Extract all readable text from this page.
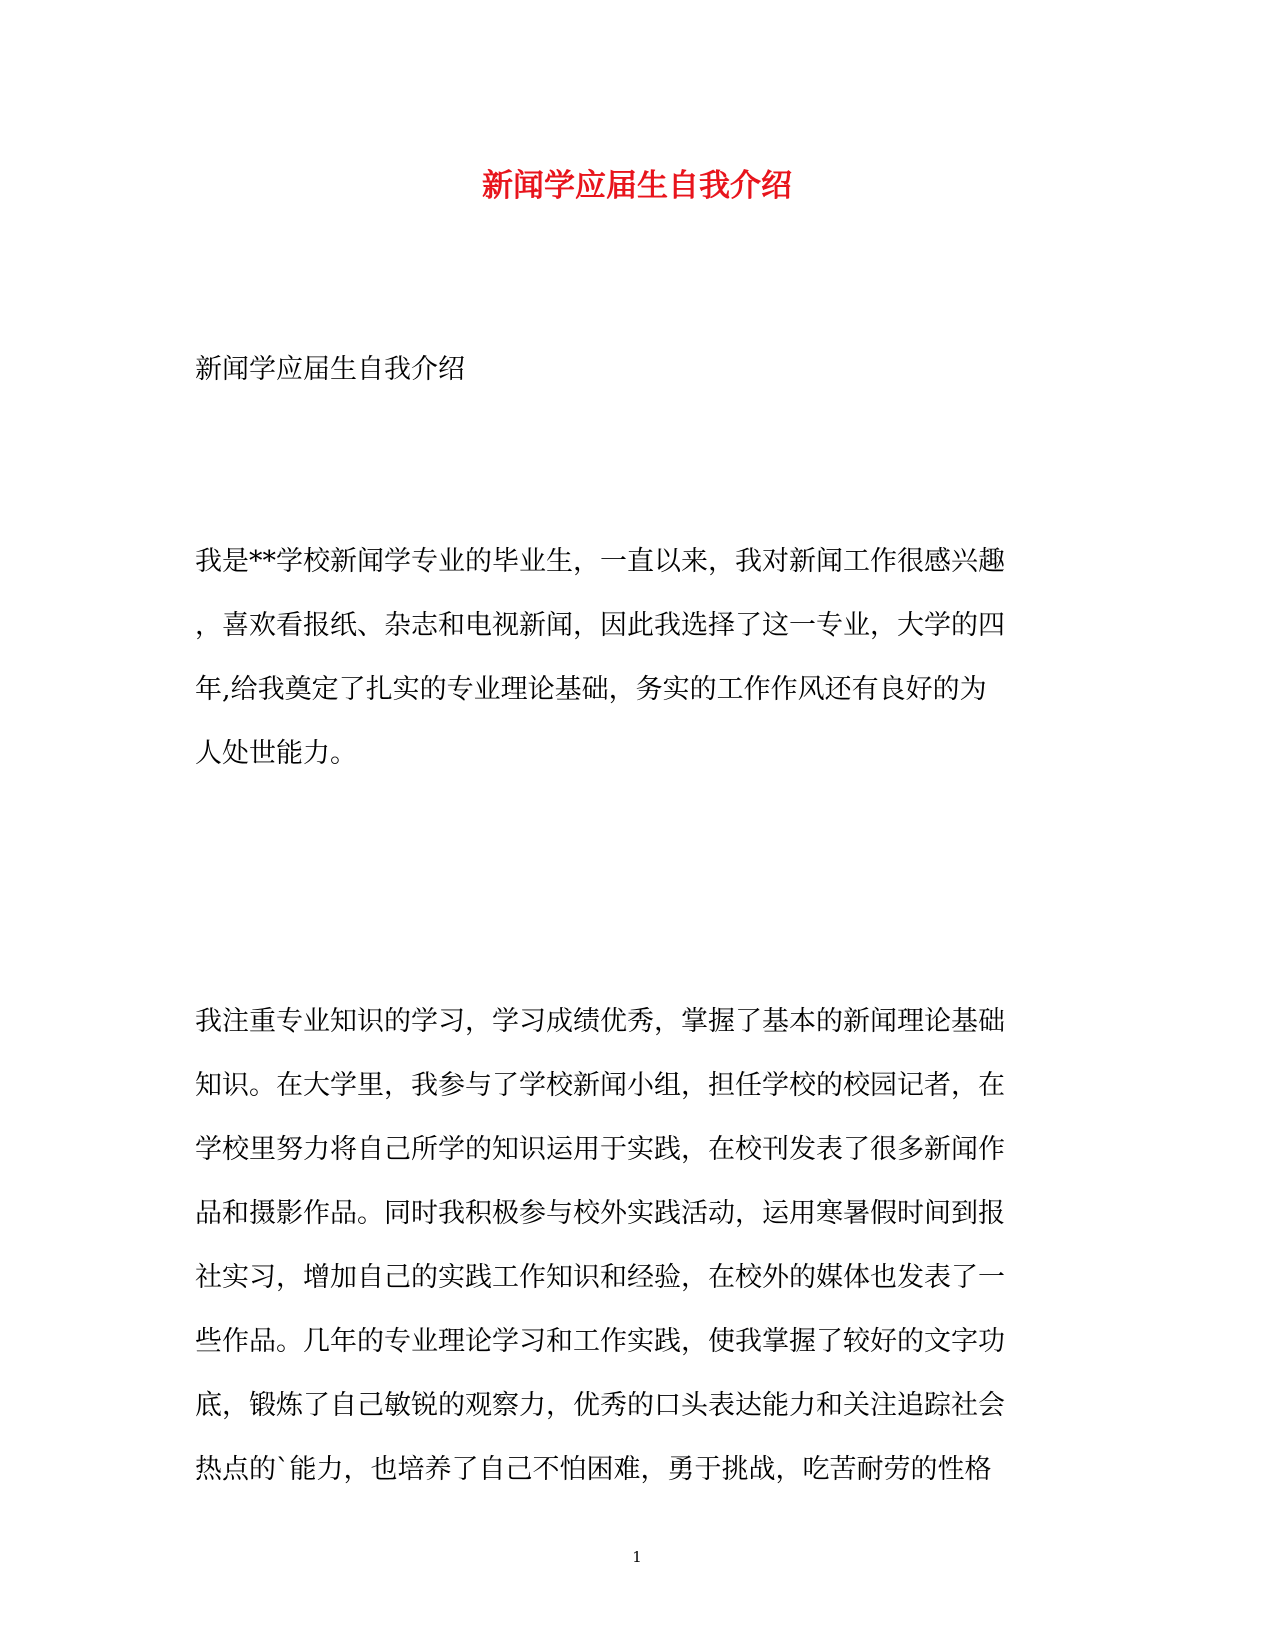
新闻学应届生自我介绍

新闻学应届生自我介绍

我是**学校新闻学专业的毕业生，一直以来，我对新闻工作很感兴趣
，喜欢看报纸、杂志和电视新闻，因此我选择了这一专业，大学的四
年,给我奠定了扎实的专业理论基础，务实的工作作风还有良好的为
人处世能力。

我注重专业知识的学习，学习成绩优秀，掌握了基本的新闻理论基础
知识。在大学里，我参与了学校新闻小组，担任学校的校园记者，在
学校里努力将自己所学的知识运用于实践，在校刊发表了很多新闻作
品和摄影作品。同时我积极参与校外实践活动，运用寒暑假时间到报
社实习，增加自己的实践工作知识和经验，在校外的媒体也发表了一
些作品。几年的专业理论学习和工作实践，使我掌握了较好的文字功
底，锻炼了自己敏锐的观察力，优秀的口头表达能力和关注追踪社会
热点的`能力，也培养了自己不怕困难，勇于挑战，吃苦耐劳的性格

1
